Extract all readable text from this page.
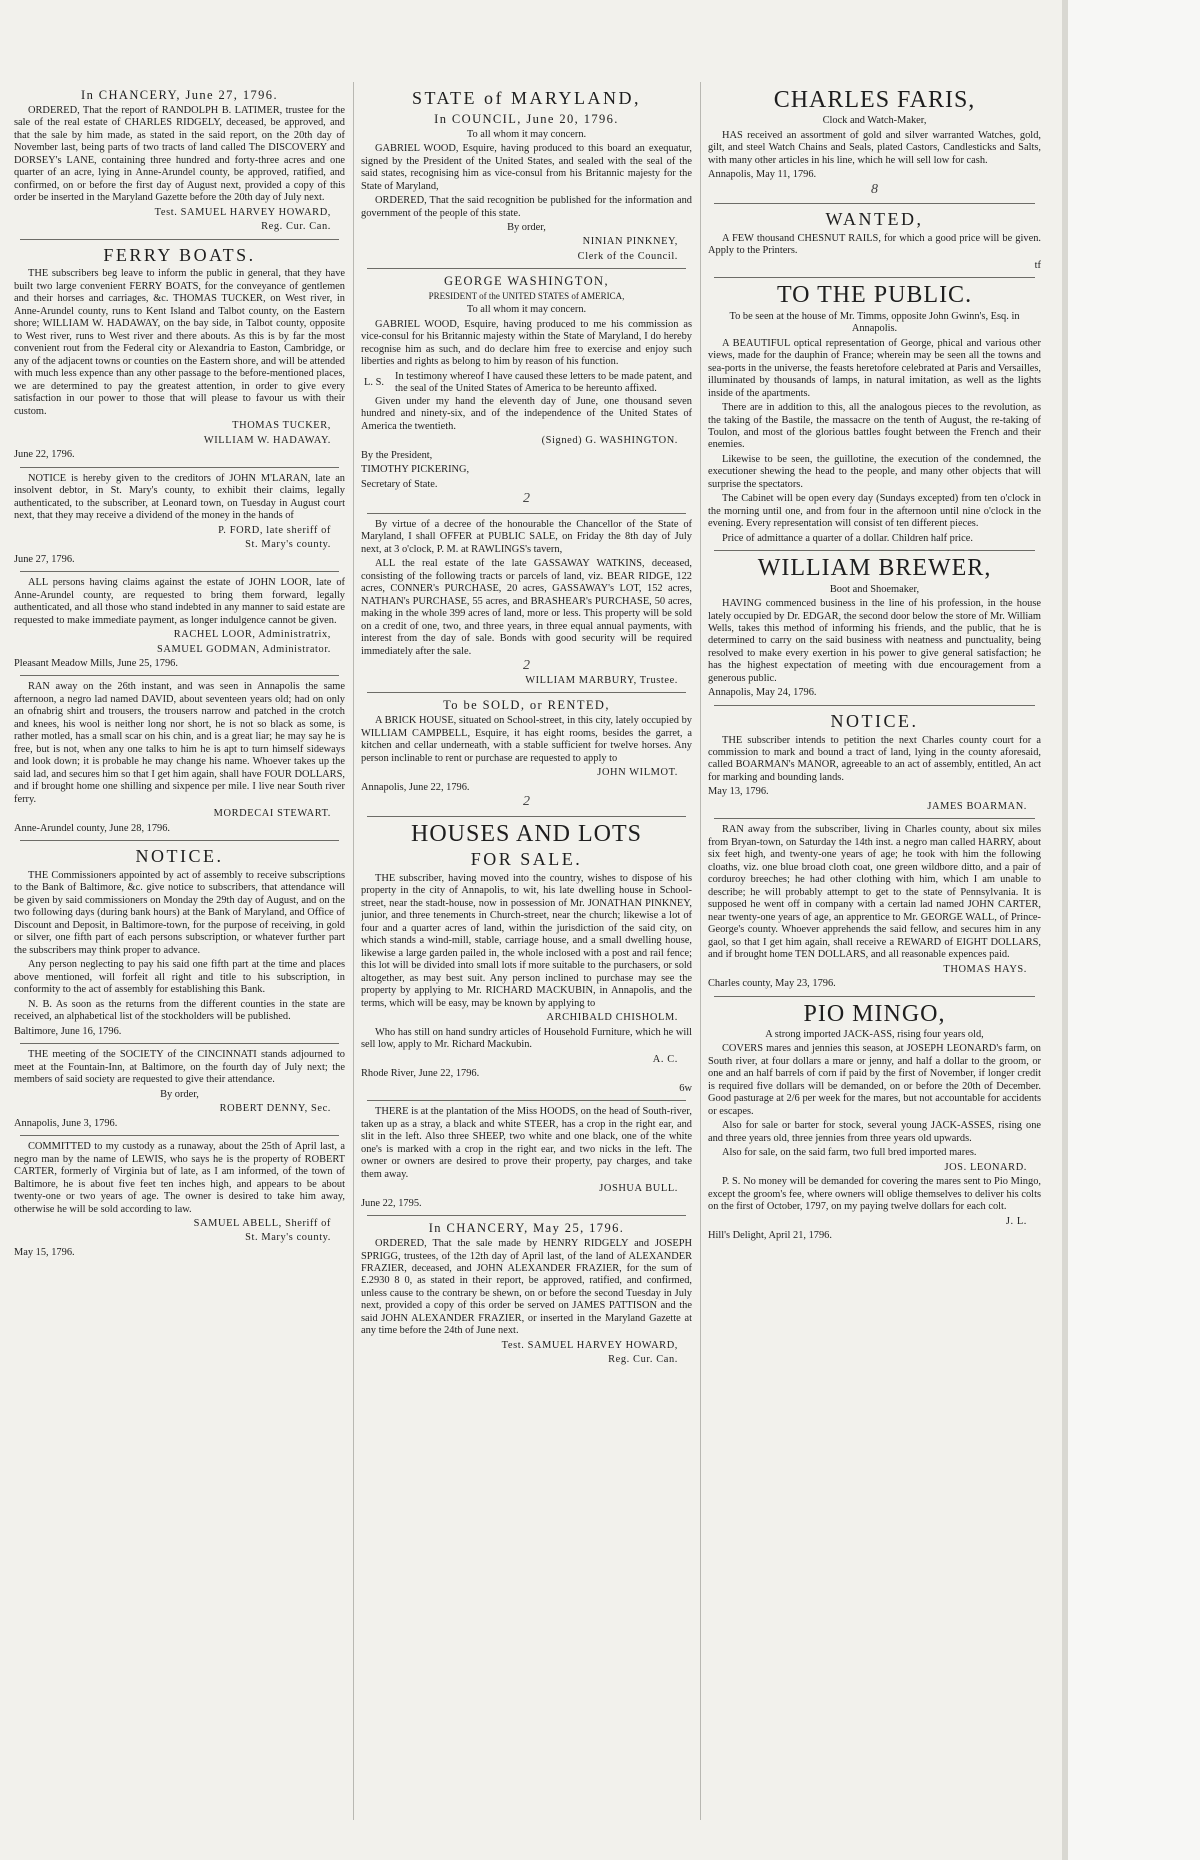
In CHANCERY, June 27, 1796.

ORDERED, That the report of RANDOLPH B. LATIMER, trustee for the sale of the real estate of CHARLES RIDGELY, deceased, be approved, and that the sale by him made, as stated in the said report, on the 20th day of November last, being parts of two tracts of land called The DISCOVERY and DORSEY's LANE, containing three hundred and forty-three acres and one quarter of an acre, lying in Anne-Arundel county, be approved, ratified, and confirmed, on or before the first day of August next, provided a copy of this order be inserted in the Maryland Gazette before the 20th day of July next.

Test. SAMUEL HARVEY HOWARD,

Reg. Cur. Can.

FERRY BOATS.

THE subscribers beg leave to inform the public in general, that they have built two large convenient FERRY BOATS, for the conveyance of gentlemen and their horses and carriages, &c. THOMAS TUCKER, on West river, in Anne-Arundel county, runs to Kent Island and Talbot county, on the Eastern shore; WILLIAM W. HADAWAY, on the bay side, in Talbot county, opposite to West river, runs to West river and there abouts. As this is by far the most convenient rout from the Federal city or Alexandria to Easton, Cambridge, or any of the adjacent towns or counties on the Eastern shore, and will be attended with much less expence than any other passage to the before-mentioned places, we are determined to pay the greatest attention, in order to give every satisfaction in our power to those that will please to favour us with their custom.

THOMAS TUCKER,

WILLIAM W. HADAWAY.

June 22, 1796.

NOTICE is hereby given to the creditors of JOHN M'LARAN, late an insolvent debtor, in St. Mary's county, to exhibit their claims, legally authenticated, to the subscriber, at Leonard town, on Tuesday in August court next, that they may receive a dividend of the money in the hands of

P. FORD, late sheriff of

St. Mary's county.

June 27, 1796.

ALL persons having claims against the estate of JOHN LOOR, late of Anne-Arundel county, are requested to bring them forward, legally authenticated, and all those who stand indebted in any manner to said estate are requested to make immediate payment, as longer indulgence cannot be given.

RACHEL LOOR, Administratrix,

SAMUEL GODMAN, Administrator.

Pleasant Meadow Mills, June 25, 1796.

RAN away on the 26th instant, and was seen in Annapolis the same afternoon, a negro lad named DAVID, about seventeen years old; had on only an ofnabrig shirt and trousers, the trousers narrow and patched in the crotch and knees, his wool is neither long nor short, he is not so black as some, is rather motled, has a small scar on his chin, and is a great liar; he may say he is free, but is not, when any one talks to him he is apt to turn himself sideways and look down; it is probable he may change his name. Whoever takes up the said lad, and secures him so that I get him again, shall have FOUR DOLLARS, and if brought home one shilling and sixpence per mile. I live near South river ferry.

MORDECAI STEWART.

Anne-Arundel county, June 28, 1796.

NOTICE.

THE Commissioners appointed by act of assembly to receive subscriptions to the Bank of Baltimore, &c. give notice to subscribers, that attendance will be given by said commissioners on Monday the 29th day of August, and on the two following days (during bank hours) at the Bank of Maryland, and Office of Discount and Deposit, in Baltimore-town, for the purpose of receiving, in gold or silver, one fifth part of each persons subscription, or whatever further part the subscribers may think proper to advance.

Any person neglecting to pay his said one fifth part at the time and places above mentioned, will forfeit all right and title to his subscription, in conformity to the act of assembly for establishing this Bank.

N. B. As soon as the returns from the different counties in the state are received, an alphabetical list of the stockholders will be published.

Baltimore, June 16, 1796.

THE meeting of the SOCIETY of the CINCINNATI stands adjourned to meet at the Fountain-Inn, at Baltimore, on the fourth day of July next; the members of said society are requested to give their attendance.

By order,

ROBERT DENNY, Sec.

Annapolis, June 3, 1796.

COMMITTED to my custody as a runaway, about the 25th of April last, a negro man by the name of LEWIS, who says he is the property of ROBERT CARTER, formerly of Virginia but of late, as I am informed, of the town of Baltimore, he is about five feet ten inches high, and appears to be about twenty-one or two years of age. The owner is desired to take him away, otherwise he will be sold according to law.

SAMUEL ABELL, Sheriff of

St. Mary's county.

May 15, 1796.

STATE of MARYLAND,

In COUNCIL, June 20, 1796.

To all whom it may concern.

GABRIEL WOOD, Esquire, having produced to this board an exequatur, signed by the President of the United States, and sealed with the seal of the said states, recognising him as vice-consul from his Britannic majesty for the State of Maryland,

ORDERED, That the said recognition be published for the information and government of the people of this state.

By order,

NINIAN PINKNEY,

Clerk of the Council.

GEORGE WASHINGTON,

PRESIDENT of the UNITED STATES of AMERICA,

To all whom it may concern.

GABRIEL WOOD, Esquire, having produced to me his commission as vice-consul for his Britannic majesty within the State of Maryland, I do hereby recognise him as such, and do declare him free to exercise and enjoy such liberties and rights as belong to him by reason of his function.

L. S.
In testimony whereof I have caused these letters to be made patent, and the seal of the United States of America to be hereunto affixed.

Given under my hand the eleventh day of June, one thousand seven hundred and ninety-six, and of the independence of the United States of America the twentieth.

(Signed) G. WASHINGTON.

By the President,

TIMOTHY PICKERING,

Secretary of State.

2

By virtue of a decree of the honourable the Chancellor of the State of Maryland, I shall OFFER at PUBLIC SALE, on Friday the 8th day of July next, at 3 o'clock, P. M. at RAWLINGS's tavern,

ALL the real estate of the late GASSAWAY WATKINS, deceased, consisting of the following tracts or parcels of land, viz. BEAR RIDGE, 122 acres, CONNER's PURCHASE, 20 acres, GASSAWAY's LOT, 152 acres, NATHAN's PURCHASE, 55 acres, and BRASHEAR's PURCHASE, 50 acres, making in the whole 399 acres of land, more or less. This property will be sold on a credit of one, two, and three years, in three equal annual payments, with interest from the day of sale. Bonds with good security will be required immediately after the sale.

2

WILLIAM MARBURY, Trustee.

To be SOLD, or RENTED,

A BRICK HOUSE, situated on School-street, in this city, lately occupied by WILLIAM CAMPBELL, Esquire, it has eight rooms, besides the garret, a kitchen and cellar underneath, with a stable sufficient for twelve horses. Any person inclinable to rent or purchase are requested to apply to

JOHN WILMOT.

Annapolis, June 22, 1796.

2

HOUSES AND LOTS

FOR SALE.

THE subscriber, having moved into the country, wishes to dispose of his property in the city of Annapolis, to wit, his late dwelling house in School-street, near the stadt-house, now in possession of Mr. JONATHAN PINKNEY, junior, and three tenements in Church-street, near the church; likewise a lot of four and a quarter acres of land, within the jurisdiction of the said city, on which stands a wind-mill, stable, carriage house, and a small dwelling house, likewise a large garden pailed in, the whole inclosed with a post and rail fence; this lot will be divided into small lots if more suitable to the purchasers, or sold altogether, as may best suit. Any person inclined to purchase may see the property by applying to Mr. RICHARD MACKUBIN, in Annapolis, and the terms, which will be easy, may be known by applying to

ARCHIBALD CHISHOLM.

Who has still on hand sundry articles of Household Furniture, which he will sell low, apply to Mr. Richard Mackubin.

A. C.

Rhode River, June 22, 1796.

6w

THERE is at the plantation of the Miss HOODS, on the head of South-river, taken up as a stray, a black and white STEER, has a crop in the right ear, and slit in the left. Also three SHEEP, two white and one black, one of the white one's is marked with a crop in the right ear, and two nicks in the left. The owner or owners are desired to prove their property, pay charges, and take them away.

JOSHUA BULL.

June 22, 1795.

In CHANCERY, May 25, 1796.

ORDERED, That the sale made by HENRY RIDGELY and JOSEPH SPRIGG, trustees, of the 12th day of April last, of the land of ALEXANDER FRAZIER, deceased, and JOHN ALEXANDER FRAZIER, for the sum of £.2930 8 0, as stated in their report, be approved, ratified, and confirmed, unless cause to the contrary be shewn, on or before the second Tuesday in July next, provided a copy of this order be served on JAMES PATTISON and the said JOHN ALEXANDER FRAZIER, or inserted in the Maryland Gazette at any time before the 24th of June next.

Test. SAMUEL HARVEY HOWARD,

Reg. Cur. Can.

CHARLES FARIS,

Clock and Watch-Maker,

HAS received an assortment of gold and silver warranted Watches, gold, gilt, and steel Watch Chains and Seals, plated Castors, Candlesticks and Salts, with many other articles in his line, which he will sell low for cash.

Annapolis, May 11, 1796.

8

WANTED,

A FEW thousand CHESNUT RAILS, for which a good price will be given. Apply to the Printers.

tf

TO THE PUBLIC.

To be seen at the house of Mr. Timms, opposite John Gwinn's, Esq. in Annapolis.

A BEAUTIFUL optical representation of George, phical and various other views, made for the dauphin of France; wherein may be seen all the towns and sea-ports in the universe, the feasts heretofore celebrated at Paris and Versailles, illuminated by thousands of lamps, in natural imitation, as well as the lights inside of the apartments.

There are in addition to this, all the analogous pieces to the revolution, as the taking of the Bastile, the massacre on the tenth of August, the re-taking of Toulon, and most of the glorious battles fought between the French and their enemies.

Likewise to be seen, the guillotine, the execution of the condemned, the executioner shewing the head to the people, and many other objects that will surprise the spectators.

The Cabinet will be open every day (Sundays excepted) from ten o'clock in the morning until one, and from four in the afternoon until nine o'clock in the evening. Every representation will consist of ten different pieces.

Price of admittance a quarter of a dollar. Children half price.

WILLIAM BREWER,

Boot and Shoemaker,

HAVING commenced business in the line of his profession, in the house lately occupied by Dr. EDGAR, the second door below the store of Mr. William Wells, takes this method of informing his friends, and the public, that he is determined to carry on the said business with neatness and punctuality, being resolved to make every exertion in his power to give general satisfaction; he has the highest expectation of meeting with due encouragement from a generous public.

Annapolis, May 24, 1796.

NOTICE.

THE subscriber intends to petition the next Charles county court for a commission to mark and bound a tract of land, lying in the county aforesaid, called BOARMAN's MANOR, agreeable to an act of assembly, entitled, An act for marking and bounding lands.

May 13, 1796.

JAMES BOARMAN.

RAN away from the subscriber, living in Charles county, about six miles from Bryan-town, on Saturday the 14th inst. a negro man called HARRY, about six feet high, and twenty-one years of age; he took with him the following cloaths, viz. one blue broad cloth coat, one green wildbore ditto, and a pair of corduroy breeches; he had other clothing with him, which I am unable to describe; he will probably attempt to get to the state of Pennsylvania. It is supposed he went off in company with a certain lad named JOHN CARTER, near twenty-one years of age, an apprentice to Mr. GEORGE WALL, of Prince-George's county. Whoever apprehends the said fellow, and secures him in any gaol, so that I get him again, shall receive a REWARD of EIGHT DOLLARS, and if brought home TEN DOLLARS, and all reasonable expences paid.

THOMAS HAYS.

Charles county, May 23, 1796.

PIO MINGO,

A strong imported JACK-ASS, rising four years old,

COVERS mares and jennies this season, at JOSEPH LEONARD's farm, on South river, at four dollars a mare or jenny, and half a dollar to the groom, or one and an half barrels of corn if paid by the first of November, if longer credit is required five dollars will be demanded, on or before the 20th of December. Good pasturage at 2/6 per week for the mares, but not accountable for accidents or escapes.

Also for sale or barter for stock, several young JACK-ASSES, rising one and three years old, three jennies from three years old upwards.

Also for sale, on the said farm, two full bred imported mares.

JOS. LEONARD.

P. S. No money will be demanded for covering the mares sent to Pio Mingo, except the groom's fee, where owners will oblige themselves to deliver his colts on the first of October, 1797, on my paying twelve dollars for each colt.

J. L.

Hill's Delight, April 21, 1796.
